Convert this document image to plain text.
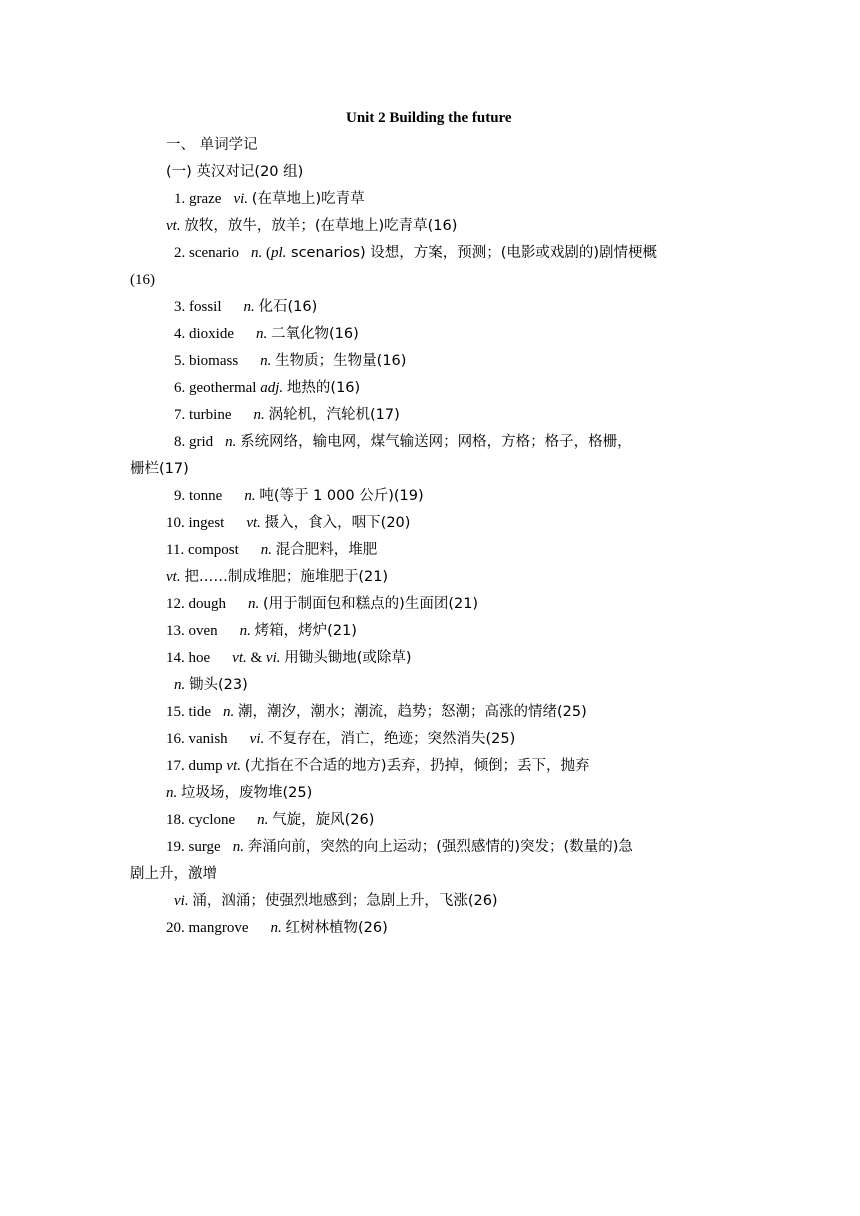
Unit 2 Building the future
一、 单词学记
(一) 英汉对记(20 组)
1. graze vi. (在草地上)吃青草
vt. 放牧，放牛，放羊；(在草地上)吃青草(16)
2. scenario n. (pl. scenarios) 设想，方案，预测；(电影或戏剧的)剧情梗概
(16)
3. fossil n. 化石(16)
4. dioxide n. 二氧化物(16)
5. biomass n. 生物质；生物量(16)
6. geothermal adj. 地热的(16)
7. turbine n. 涡轮机，汽轮机(17)
8. grid n. 系统网络，输电网，煤气输送网；网格，方格；格子，格栅，
栅栏(17)
9. tonne n. 吨(等于 1 000 公斤)(19)
10. ingest vt. 摄入，食入，咽下(20)
11. compost n. 混合肥料，堆肥
vt. 把……制成堆肥；施堆肥于(21)
12. dough n. (用于制面包和糕点的)生面团(21)
13. oven n. 烤箱，烤炉(21)
14. hoe vt. & vi. 用锄头锄地(或除草)
n. 锄头(23)
15. tide n. 潮，潮汐，潮水；潮流，趋势；怒潮；高涨的情绪(25)
16. vanish vi. 不复存在，消亡，绝迹；突然消失(25)
17. dump vt. (尤指在不合适的地方)丢弃，扔掉，倾倒；丢下，抛弃
n. 垃圾场，废物堆(25)
18. cyclone n. 气旋，旋风(26)
19. surge n. 奔涌向前，突然的向上运动；(强烈感情的)突发；(数量的)急
剧上升，激增
vi. 涌，汹涌；使强烈地感到；急剧上升，飞涨(26)
20. mangrove n. 红树林植物(26)
